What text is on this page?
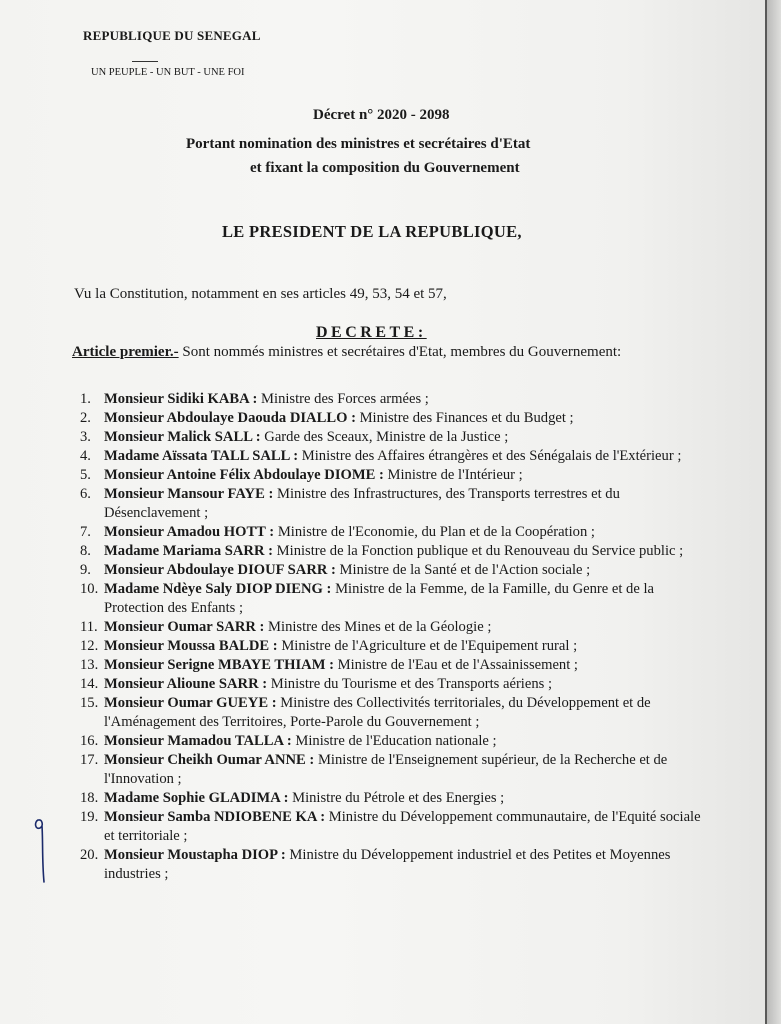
REPUBLIQUE DU SENEGAL
UN PEUPLE - UN BUT - UNE FOI
Décret n° 2020 - 2098
Portant nomination des ministres et secrétaires d'Etat
et fixant la composition du Gouvernement
LE PRESIDENT DE LA REPUBLIQUE,
Vu la Constitution, notamment en ses articles 49, 53, 54 et 57,
DECRETE:
Article premier.- Sont nommés ministres et secrétaires d'Etat, membres du Gouvernement:
1. Monsieur Sidiki KABA : Ministre des Forces armées ;
2. Monsieur Abdoulaye Daouda DIALLO : Ministre des Finances et du Budget ;
3. Monsieur Malick SALL : Garde des Sceaux, Ministre de la Justice ;
4. Madame Aïssata TALL SALL : Ministre des Affaires étrangères et des Sénégalais de l'Extérieur ;
5. Monsieur Antoine Félix Abdoulaye DIOME : Ministre de l'Intérieur ;
6. Monsieur Mansour FAYE : Ministre des Infrastructures, des Transports terrestres et du Désenclavement ;
7. Monsieur Amadou HOTT : Ministre de l'Economie, du Plan et de la Coopération ;
8. Madame Mariama SARR : Ministre de la Fonction publique et du Renouveau du Service public ;
9. Monsieur Abdoulaye DIOUF SARR : Ministre de la Santé et de l'Action sociale ;
10. Madame Ndèye Saly DIOP DIENG : Ministre de la Femme, de la Famille, du Genre et de la Protection des Enfants ;
11. Monsieur Oumar SARR : Ministre des Mines et de la Géologie ;
12. Monsieur Moussa BALDE : Ministre de l'Agriculture et de l'Equipement rural ;
13. Monsieur Serigne MBAYE THIAM : Ministre de l'Eau et de l'Assainissement ;
14. Monsieur Alioune SARR : Ministre du Tourisme et des Transports aériens ;
15. Monsieur Oumar GUEYE : Ministre des Collectivités territoriales, du Développement et de l'Aménagement des Territoires, Porte-Parole du Gouvernement ;
16. Monsieur Mamadou TALLA : Ministre de l'Education nationale ;
17. Monsieur Cheikh Oumar ANNE : Ministre de l'Enseignement supérieur, de la Recherche et de l'Innovation ;
18. Madame Sophie GLADIMA : Ministre du Pétrole et des Energies ;
19. Monsieur Samba NDIOBENE KA : Ministre du Développement communautaire, de l'Equité sociale et territoriale ;
20. Monsieur Moustapha DIOP : Ministre du Développement industriel et des Petites et Moyennes industries ;
